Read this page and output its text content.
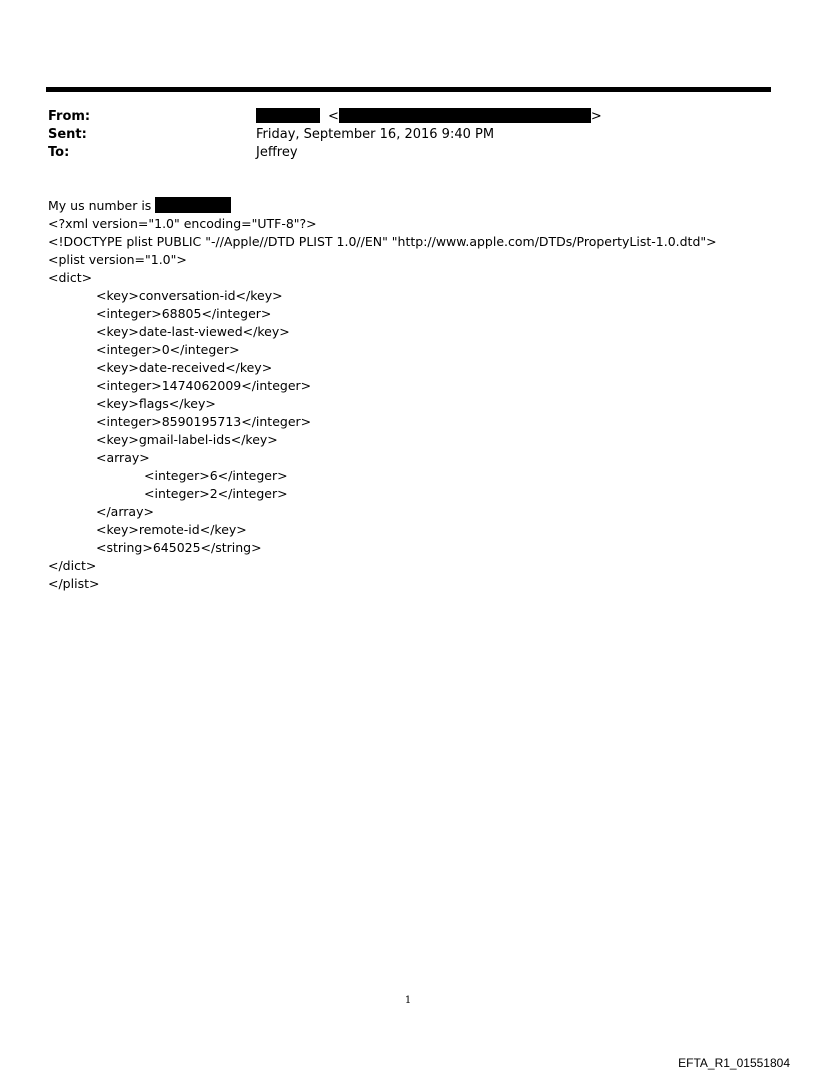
From:	<	>
Sent:	Friday, September 16, 2016 9:40 PM
To:	Jeffrey
My us number is
<?xml version="1.0" encoding="UTF-8"?>
<!DOCTYPE plist PUBLIC "-//Apple//DTD PLIST 1.0//EN" "http://www.apple.com/DTDs/PropertyList-1.0.dtd">
<plist version="1.0">
<dict>
<key>conversation-id</key>
<integer>68805</integer>
<key>date-last-viewed</key>
<integer>0</integer>
<key>date-received</key>
<integer>1474062009</integer>
<key>flags</key>
<integer>8590195713</integer>
<key>gmail-label-ids</key>
<array>
<integer>6</integer>
<integer>2</integer>
</array>
<key>remote-id</key>
<string>645025</string>
</dict>
</plist>
1
EFTA_R1_01551804
